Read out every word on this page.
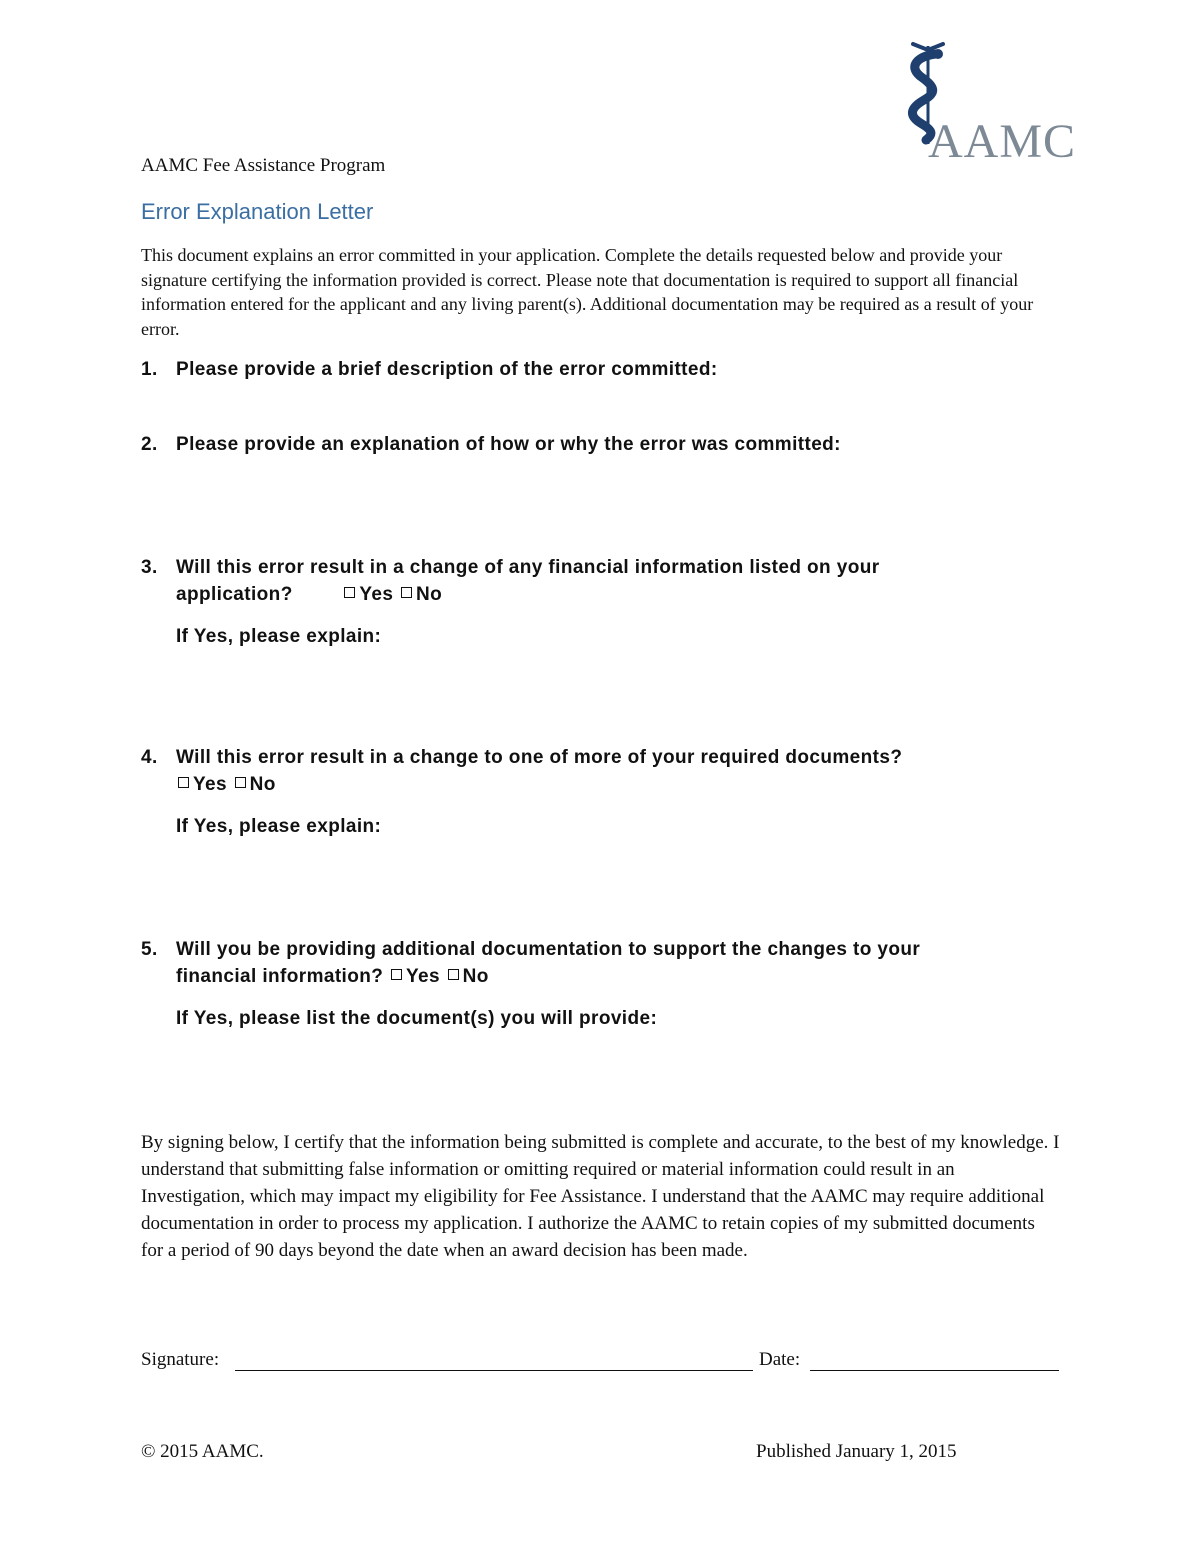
AAMC
AAMC Fee Assistance Program
Error Explanation Letter

This document explains an error committed in your application. Complete the details requested below and provide your signature certifying the information provided is correct. Please note that documentation is required to support all financial information entered for the applicant and any living parent(s). Additional documentation may be required as a result of your error.

1. Please provide a brief description of the error committed:
2. Please provide an explanation of how or why the error was committed:
3. Will this error result in a change of any financial information listed on your
application?	Yes No
If Yes, please explain:
4. Will this error result in a change to one of more of your required documents?
Yes No
If Yes, please explain:
5. Will you be providing additional documentation to support the changes to your
financial information? Yes No
If Yes, please list the document(s) you will provide:

By signing below, I certify that the information being submitted is complete and accurate, to the best of my knowledge. I understand that submitting false information or omitting required or material information could result in an Investigation, which may impact my eligibility for Fee Assistance. I understand that the AAMC may require additional documentation in order to process my application. I authorize the AAMC to retain copies of my submitted documents for a period of 90 days beyond the date when an award decision has been made.

Signature:	Date:
© 2015 AAMC.	Published January 1, 2015
